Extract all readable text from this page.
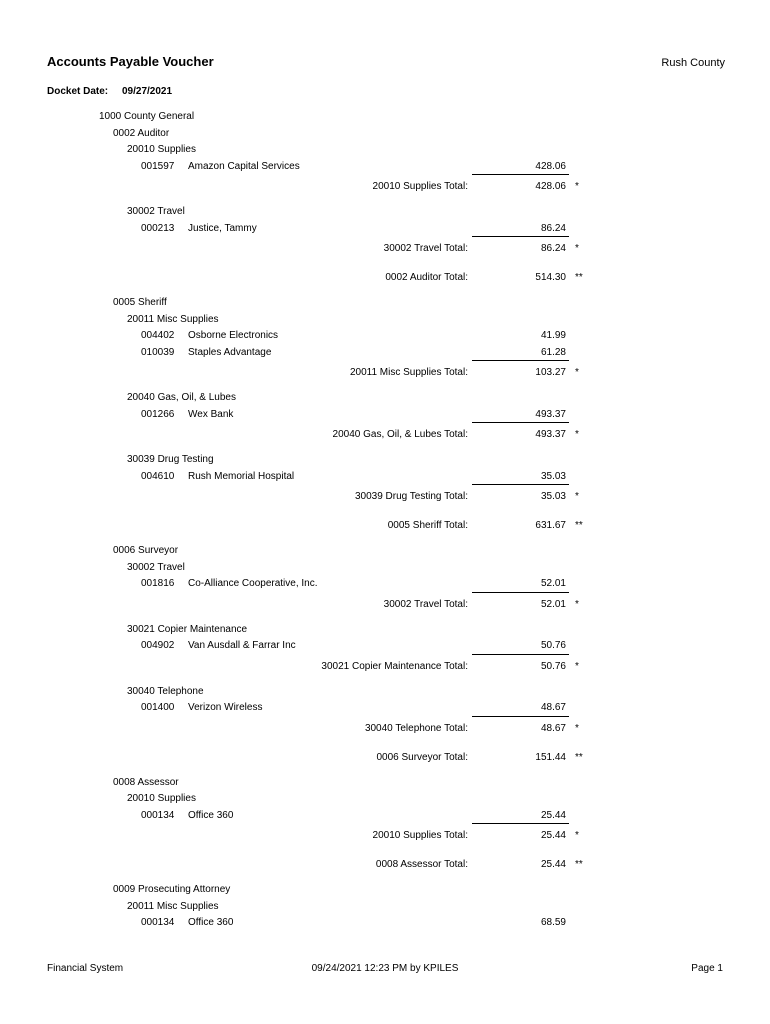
Accounts Payable Voucher	Rush County
Docket Date: 09/27/2021
1000 County General
0002 Auditor
20010 Supplies
001597 Amazon Capital Services	428.06
20010 Supplies Total:	428.06 *
30002 Travel
000213 Justice, Tammy	86.24
30002 Travel Total:	86.24 *
0002 Auditor Total:	514.30 **
0005 Sheriff
20011 Misc Supplies
004402 Osborne Electronics	41.99
010039 Staples Advantage	61.28
20011 Misc Supplies Total:	103.27 *
20040 Gas, Oil, & Lubes
001266 Wex Bank	493.37
20040 Gas, Oil, & Lubes Total:	493.37 *
30039 Drug Testing
004610 Rush Memorial Hospital	35.03
30039 Drug Testing Total:	35.03 *
0005 Sheriff Total:	631.67 **
0006 Surveyor
30002 Travel
001816 Co-Alliance Cooperative, Inc.	52.01
30002 Travel Total:	52.01 *
30021 Copier Maintenance
004902 Van Ausdall & Farrar Inc	50.76
30021 Copier Maintenance Total:	50.76 *
30040 Telephone
001400 Verizon Wireless	48.67
30040 Telephone Total:	48.67 *
0006 Surveyor Total:	151.44 **
0008 Assessor
20010 Supplies
000134 Office 360	25.44
20010 Supplies Total:	25.44 *
0008 Assessor Total:	25.44 **
0009 Prosecuting Attorney
20011 Misc Supplies
000134 Office 360	68.59
Financial System	09/24/2021 12:23 PM by KPILES	Page 1
